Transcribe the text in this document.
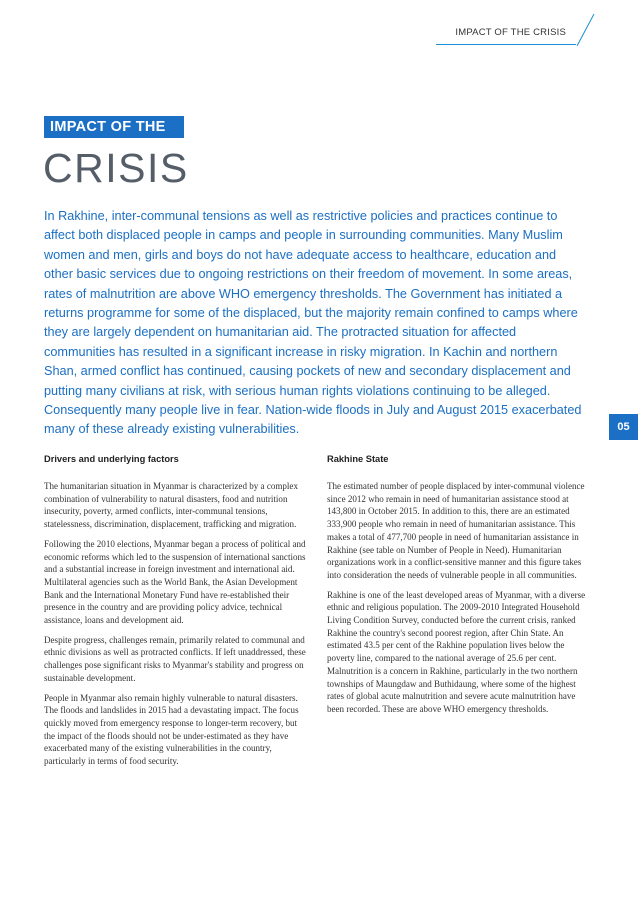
IMPACT OF THE CRISIS
IMPACT OF THE
CRISIS
In Rakhine, inter-communal tensions as well as restrictive policies and practices continue to affect both displaced people in camps and people in surrounding communities. Many Muslim women and men, girls and boys do not have adequate access to healthcare, education and other basic services due to ongoing restrictions on their freedom of movement. In some areas, rates of malnutrition are above WHO emergency thresholds. The Government has initiated a returns programme for some of the displaced, but the majority remain confined to camps where they are largely dependent on humanitarian aid. The protracted situation for affected communities has resulted in a significant increase in risky migration. In Kachin and northern Shan, armed conflict has continued, causing pockets of new and secondary displacement and putting many civilians at risk, with serious human rights violations continuing to be alleged. Consequently many people live in fear. Nation-wide floods in July and August 2015 exacerbated many of these already existing vulnerabilities.	05
Drivers and underlying factors

The humanitarian situation in Myanmar is characterized by a complex combination of vulnerability to natural disasters, food and nutrition insecurity, poverty, armed conflicts, inter-communal tensions, statelessness, discrimination, displacement, trafficking and migration.

Following the 2010 elections, Myanmar began a process of political and economic reforms which led to the suspension of international sanctions and a substantial increase in foreign investment and international aid. Multilateral agencies such as the World Bank, the Asian Development Bank and the International Monetary Fund have re-established their presence in the country and are providing policy advice, technical assistance, loans and development aid.

Despite progress, challenges remain, primarily related to communal and ethnic divisions as well as protracted conflicts. If left unaddressed, these challenges pose significant risks to Myanmar's stability and progress on sustainable development.

People in Myanmar also remain highly vulnerable to natural disasters. The floods and landslides in 2015 had a devastating impact. The focus quickly moved from emergency response to longer-term recovery, but the impact of the floods should not be under-estimated as they have exacerbated many of the existing vulnerabilities in the country, particularly in terms of food security.

Rakhine State

The estimated number of people displaced by inter-communal violence since 2012 who remain in need of humanitarian assistance stood at 143,800 in October 2015. In addition to this, there are an estimated 333,900 people who remain in need of humanitarian assistance. This makes a total of 477,700 people in need of humanitarian assistance in Rakhine (see table on Number of People in Need). Humanitarian organizations work in a conflict-sensitive manner and this figure takes into consideration the needs of vulnerable people in all communities.

Rakhine is one of the least developed areas of Myanmar, with a diverse ethnic and religious population. The 2009-2010 Integrated Household Living Condition Survey, conducted before the current crisis, ranked Rakhine the country's second poorest region, after Chin State. An estimated 43.5 per cent of the Rakhine population lives below the poverty line, compared to the national average of 25.6 per cent. Malnutrition is a concern in Rakhine, particularly in the two northern townships of Maungdaw and Buthidaung, where some of the highest rates of global acute malnutrition and severe acute malnutrition have been recorded. These are above WHO emergency thresholds.
